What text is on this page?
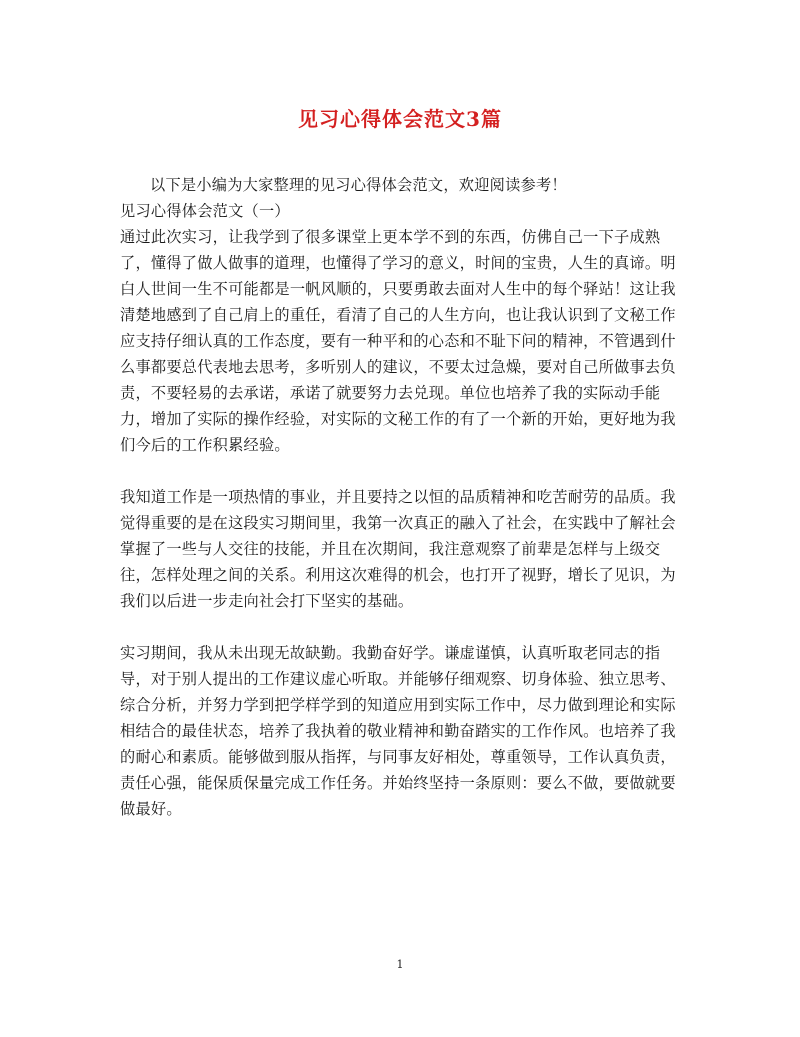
见习心得体会范文3篇

以下是小编为大家整理的见习心得体会范文，欢迎阅读参考！

见习心得体会范文（一）

通过此次实习，让我学到了很多课堂上更本学不到的东西，仿佛自己一下子成熟了，懂得了做人做事的道理，也懂得了学习的意义，时间的宝贵，人生的真谛。明白人世间一生不可能都是一帆风顺的，只要勇敢去面对人生中的每个驿站！这让我清楚地感到了自己肩上的重任，看清了自己的人生方向，也让我认识到了文秘工作应支持仔细认真的工作态度，要有一种平和的心态和不耻下问的精神，不管遇到什么事都要总代表地去思考，多听别人的建议，不要太过急燥，要对自己所做事去负责，不要轻易的去承诺，承诺了就要努力去兑现。单位也培养了我的实际动手能力，增加了实际的操作经验，对实际的文秘工作的有了一个新的开始，更好地为我们今后的工作积累经验。

我知道工作是一项热情的事业，并且要持之以恒的品质精神和吃苦耐劳的品质。我觉得重要的是在这段实习期间里，我第一次真正的融入了社会，在实践中了解社会掌握了一些与人交往的技能，并且在次期间，我注意观察了前辈是怎样与上级交往，怎样处理之间的关系。利用这次难得的机会，也打开了视野，增长了见识，为我们以后进一步走向社会打下坚实的基础。

实习期间，我从未出现无故缺勤。我勤奋好学。谦虚谨慎，认真听取老同志的指导，对于别人提出的工作建议虚心听取。并能够仔细观察、切身体验、独立思考、综合分析，并努力学到把学样学到的知道应用到实际工作中，尽力做到理论和实际相结合的最佳状态，培养了我执着的敬业精神和勤奋踏实的工作作风。也培养了我的耐心和素质。能够做到服从指挥，与同事友好相处，尊重领导，工作认真负责，责任心强，能保质保量完成工作任务。并始终坚持一条原则：要么不做，要做就要做最好。

1
